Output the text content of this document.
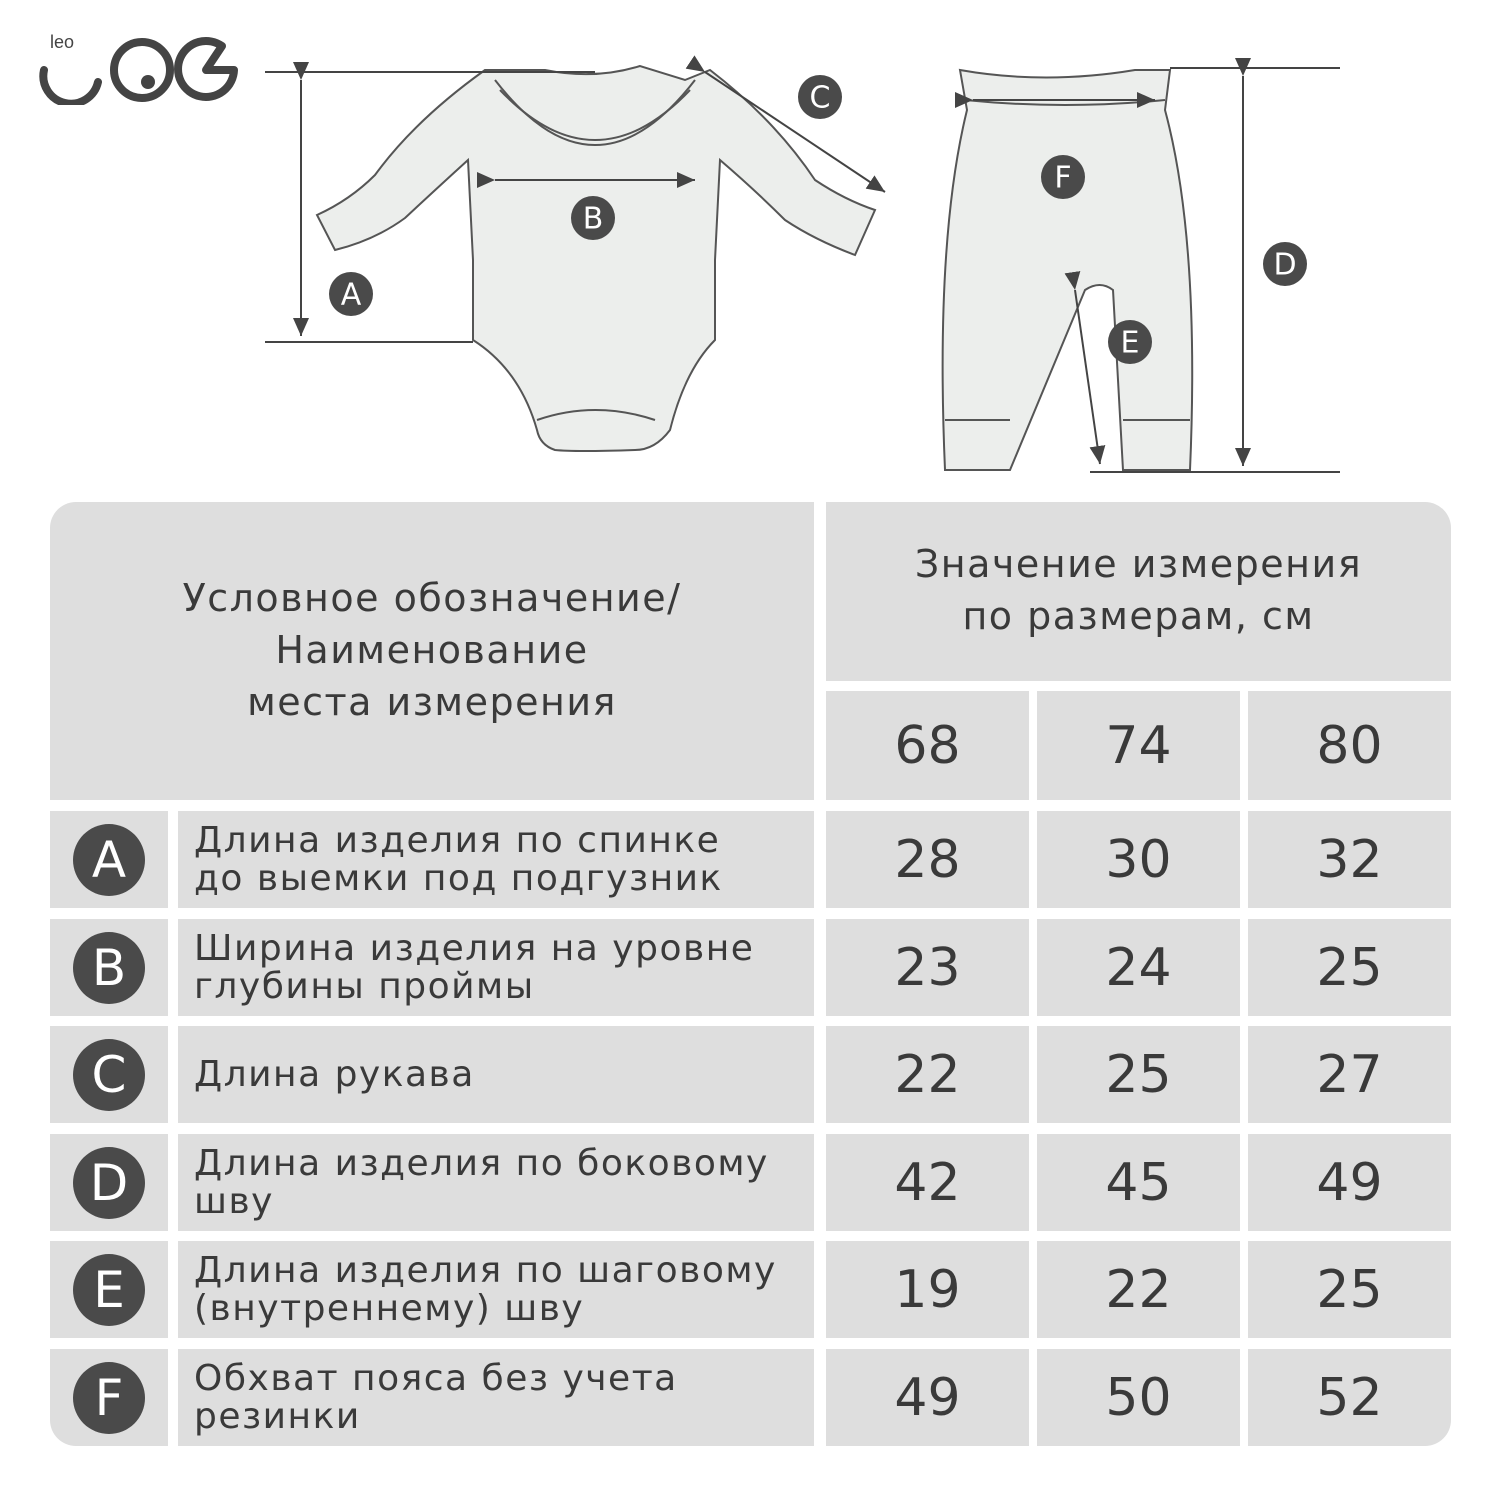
leo
A
B
C
D
E
F
Условное обозначение/
Наименование
места измерения
Значение измерения
по размерам, см
68	74	80
A	Длина изделия по спинке
до выемки под подгузник	28	30	32
B	Ширина изделия на уровне
глубины проймы	23	24	25
C	Длина рукава	22	25	27
D	Длина изделия по боковому
шву	42	45	49
E	Длина изделия по шаговому
(внутреннему) шву	19	22	25
F	Обхват пояса без учета
резинки	49	50	52
